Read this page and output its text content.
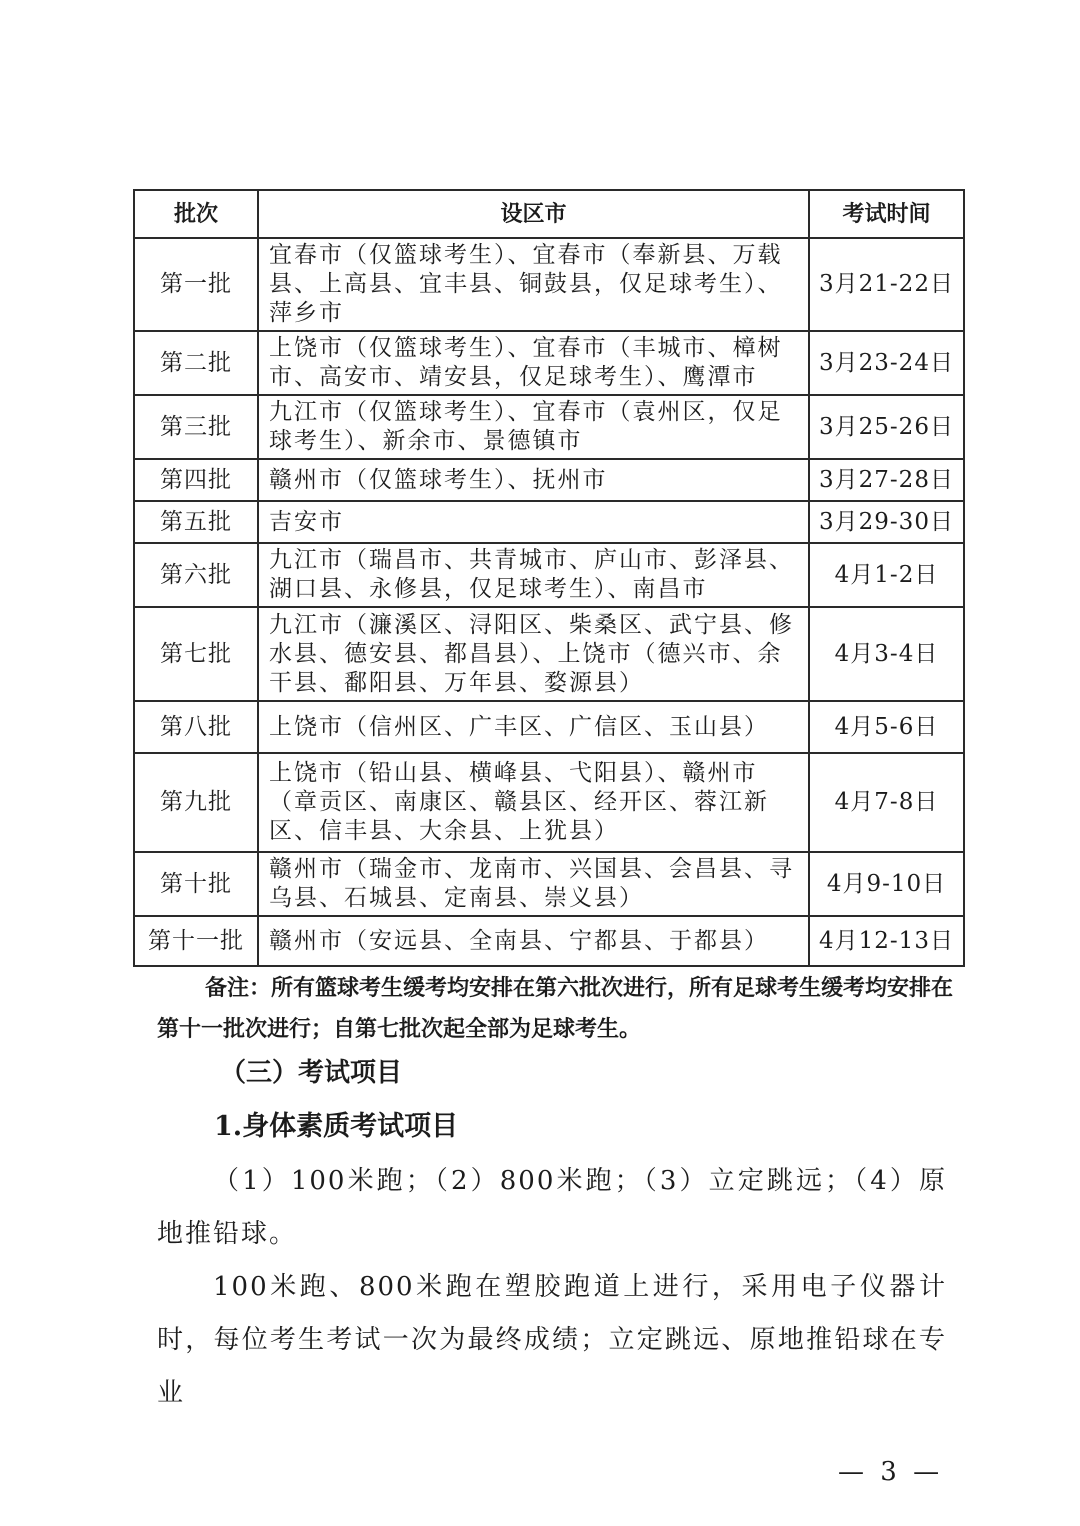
批次	设区市	考试时间
第一批	宜春市（仅篮球考生）、宜春市（奉新县、万载县、上高县、宜丰县、铜鼓县，仅足球考生）、萍乡市	3月21-22日
第二批	上饶市（仅篮球考生）、宜春市（丰城市、樟树市、高安市、靖安县，仅足球考生）、鹰潭市	3月23-24日
第三批	九江市（仅篮球考生）、宜春市（袁州区，仅足球考生）、新余市、景德镇市	3月25-26日
第四批	赣州市（仅篮球考生）、抚州市	3月27-28日
第五批	吉安市	3月29-30日
第六批	九江市（瑞昌市、共青城市、庐山市、彭泽县、湖口县、永修县，仅足球考生）、南昌市	4月1-2日
第七批	九江市（濂溪区、浔阳区、柴桑区、武宁县、修水县、德安县、都昌县）、上饶市（德兴市、余干县、鄱阳县、万年县、婺源县）	4月3-4日
第八批	上饶市（信州区、广丰区、广信区、玉山县）	4月5-6日
第九批	上饶市（铅山县、横峰县、弋阳县）、赣州市（章贡区、南康区、赣县区、经开区、蓉江新区、信丰县、大余县、上犹县）	4月7-8日
第十批	赣州市（瑞金市、龙南市、兴国县、会昌县、寻乌县、石城县、定南县、崇义县）	4月9-10日
第十一批	赣州市（安远县、全南县、宁都县、于都县）	4月12-13日
备注：所有篮球考生缓考均安排在第六批次进行，所有足球考生缓考均安排在第十一批次进行；自第七批次起全部为足球考生。
（三）考试项目
1.身体素质考试项目
（1）100米跑；（2）800米跑；（3）立定跳远；（4）原地推铅球。
100米跑、800米跑在塑胶跑道上进行，采用电子仪器计时，每位考生考试一次为最终成绩；立定跳远、原地推铅球在专业
— 3 —
